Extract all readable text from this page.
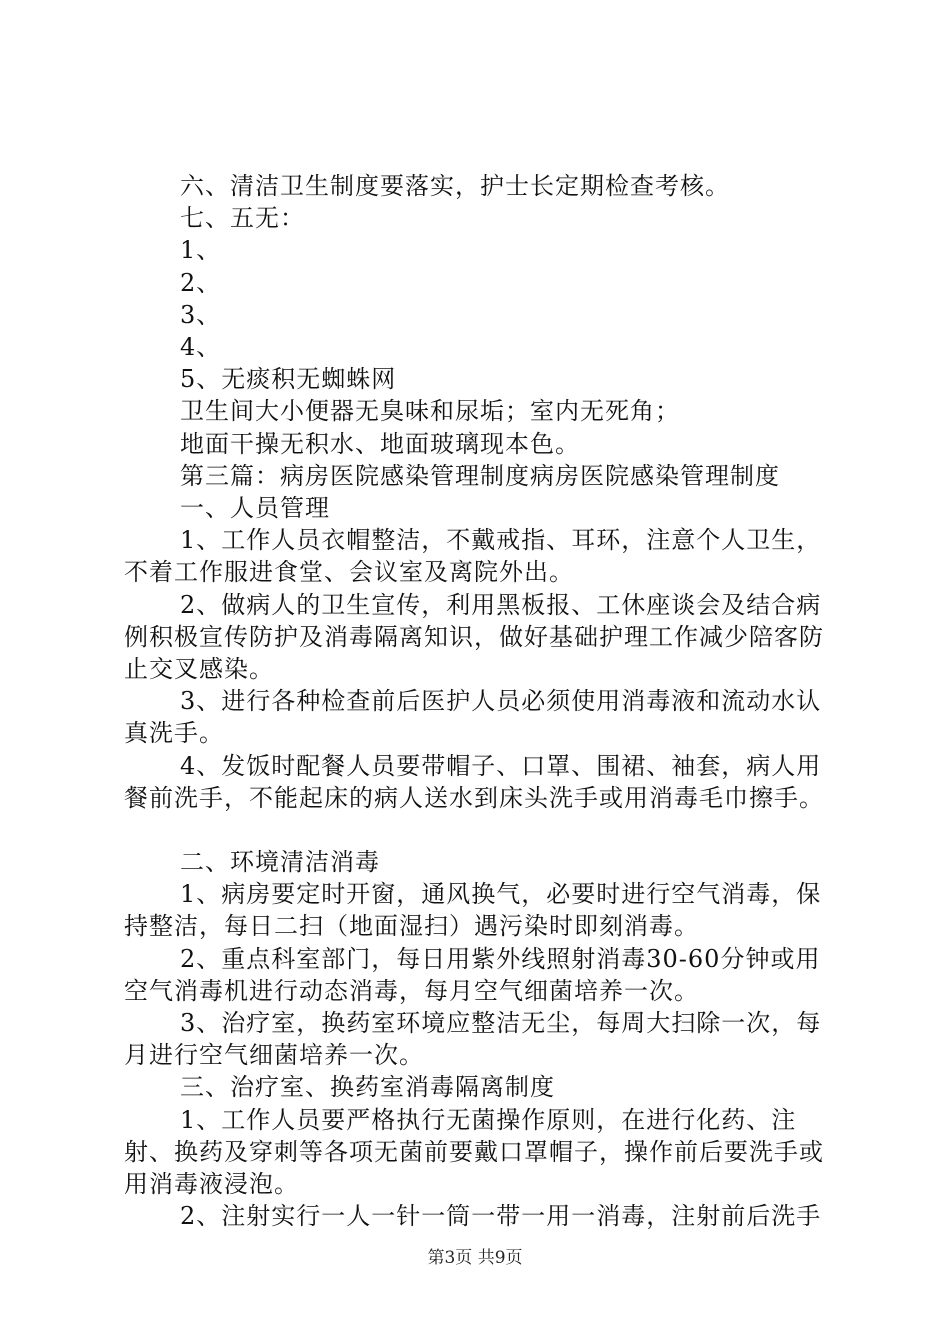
六、清洁卫生制度要落实，护士长定期检查考核。

七、五无：

1、

2、

3、

4、

5、无痰积无蜘蛛网

卫生间大小便器无臭味和尿垢；室内无死角；

地面干操无积水、地面玻璃现本色。

第三篇：病房医院感染管理制度病房医院感染管理制度

一、人员管理

1、工作人员衣帽整洁，不戴戒指、耳环，注意个人卫生，不着工作服进食堂、会议室及离院外出。

2、做病人的卫生宣传，利用黑板报、工休座谈会及结合病例积极宣传防护及消毒隔离知识，做好基础护理工作减少陪客防止交叉感染。

3、进行各种检查前后医护人员必须使用消毒液和流动水认真洗手。

4、发饭时配餐人员要带帽子、口罩、围裙、袖套，病人用餐前洗手，不能起床的病人送水到床头洗手或用消毒毛巾擦手。

二、环境清洁消毒

1、病房要定时开窗，通风换气，必要时进行空气消毒，保持整洁，每日二扫（地面湿扫）遇污染时即刻消毒。

2、重点科室部门，每日用紫外线照射消毒30-60分钟或用空气消毒机进行动态消毒，每月空气细菌培养一次。

3、治疗室，换药室环境应整洁无尘，每周大扫除一次，每月进行空气细菌培养一次。

三、治疗室、换药室消毒隔离制度

1、工作人员要严格执行无菌操作原则，在进行化药、注射、换药及穿刺等各项无菌前要戴口罩帽子，操作前后要洗手或用消毒液浸泡。

2、注射实行一人一针一筒一带一用一消毒，注射前后洗手

第3页 共9页
